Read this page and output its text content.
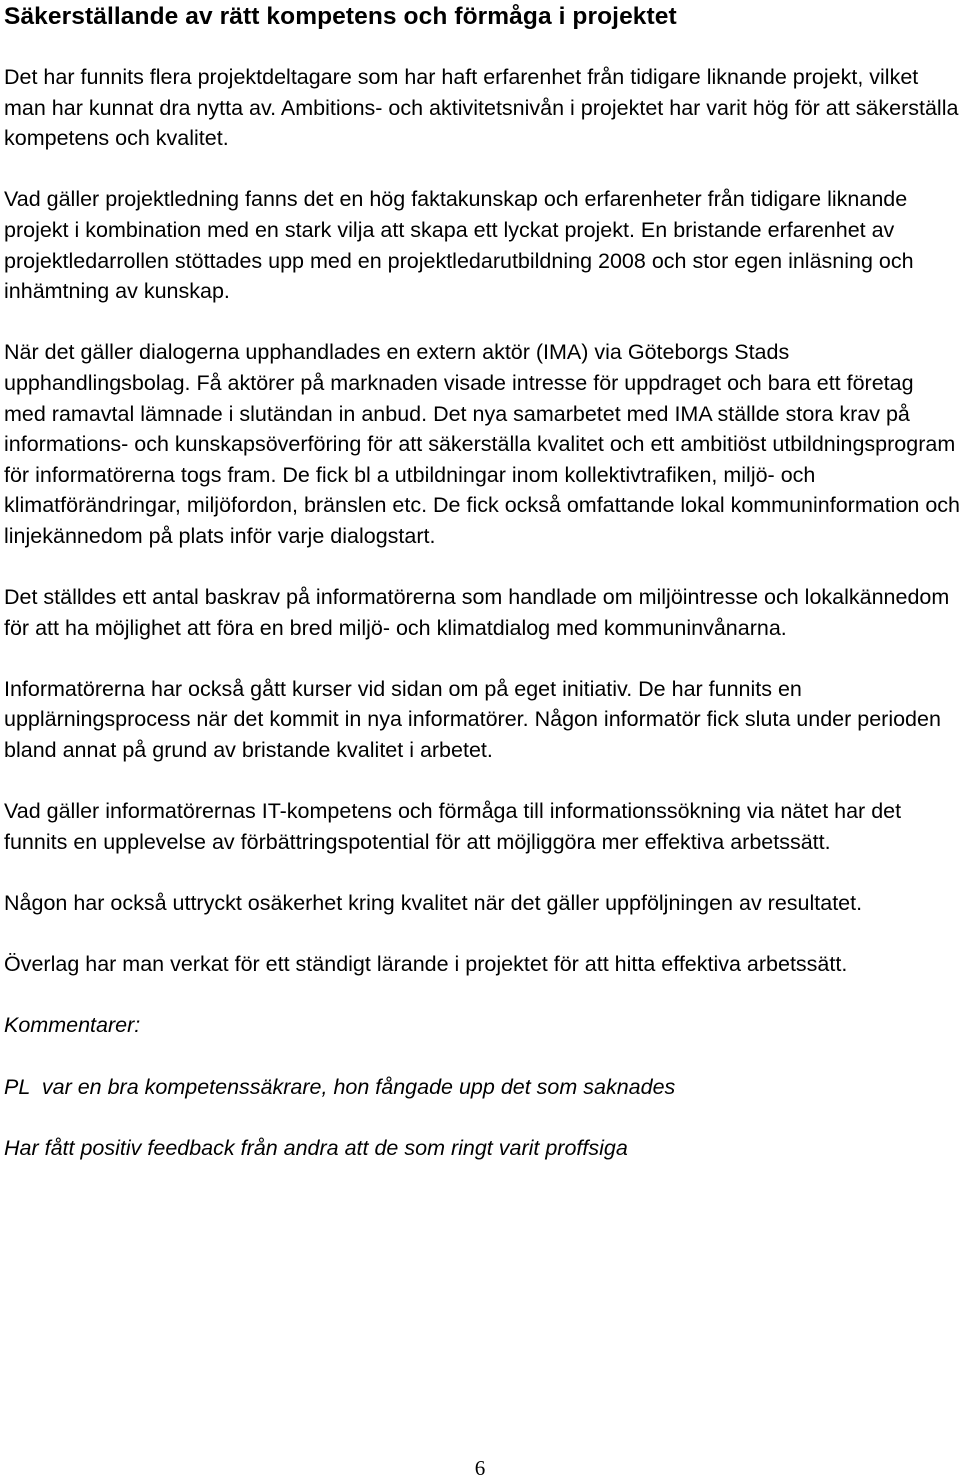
Säkerställande av rätt kompetens och förmåga i projektet

Det har funnits flera projektdeltagare som har haft erfarenhet från tidigare liknande projekt, vilket man har kunnat dra nytta av. Ambitions- och aktivitetsnivån i projektet har varit hög för att säkerställa kompetens och kvalitet.

Vad gäller projektledning fanns det en hög faktakunskap och erfarenheter från tidigare liknande projekt i kombination med en stark vilja att skapa ett lyckat projekt. En bristande erfarenhet av projektledarrollen stöttades upp med en projektledarutbildning 2008 och stor egen inläsning och inhämtning av kunskap.

När det gäller dialogerna upphandlades en extern aktör (IMA) via Göteborgs Stads upphandlingsbolag. Få aktörer på marknaden visade intresse för uppdraget och bara ett företag med ramavtal lämnade i slutändan in anbud. Det nya samarbetet med IMA ställde stora krav på informations- och kunskapsöverföring för att säkerställa kvalitet och ett ambitiöst utbildningsprogram för informatörerna togs fram. De fick bl a utbildningar inom kollektivtrafiken, miljö- och klimatförändringar, miljöfordon, bränslen etc. De fick också omfattande lokal kommuninformation och linjekännedom på plats inför varje dialogstart.

Det ställdes ett antal baskrav på informatörerna som handlade om miljöintresse och lokalkännedom för att ha möjlighet att föra en bred miljö- och klimatdialog med kommuninvånarna.

Informatörerna har också gått kurser vid sidan om på eget initiativ. De har funnits en upplärningsprocess när det kommit in nya informatörer. Någon informatör fick sluta under perioden bland annat på grund av bristande kvalitet i arbetet.

Vad gäller informatörernas IT-kompetens och förmåga till informationssökning via nätet har det funnits en upplevelse av förbättringspotential för att möjliggöra mer effektiva arbetssätt.

Någon har också uttryckt osäkerhet kring kvalitet när det gäller uppföljningen av resultatet.

Överlag har man verkat för ett ständigt lärande i projektet för att hitta effektiva arbetssätt.

Kommentarer:

PL  var en bra kompetenssäkrare, hon fångade upp det som saknades

Har fått positiv feedback från andra att de som ringt varit proffsiga

6
